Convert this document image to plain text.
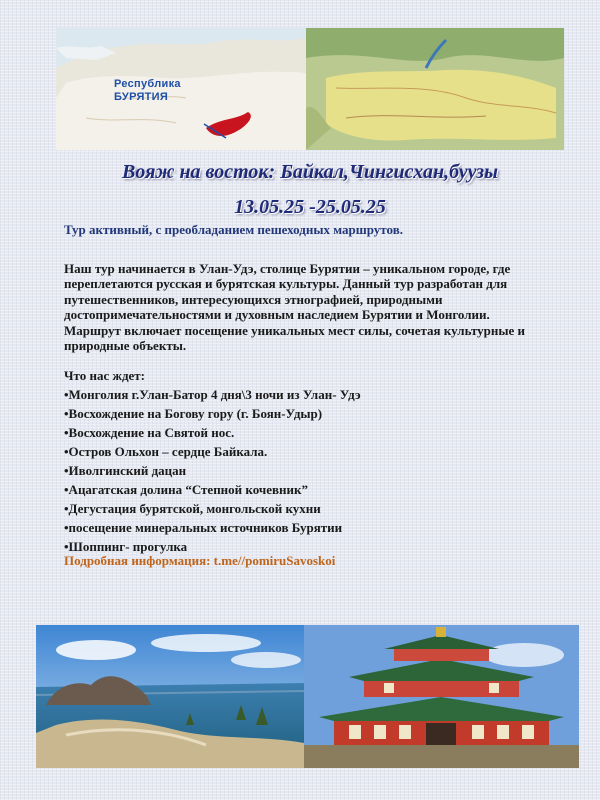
Республика
БУРЯТИЯ
Вояж на восток: Байкал,Чингисхан,буузы
13.05.25 -25.05.25
Тур активный, с преобладанием пешеходных маршрутов.

Наш тур начинается в Улан-Удэ, столице Бурятии – уникальном городе, где переплетаются русская и бурятская культуры. Данный тур разработан для путешественников, интересующихся этнографией, природными достопримечательностями и духовным наследием Бурятии и Монголии. Маршрут включает посещение уникальных мест силы, сочетая культурные и природные объекты.

Что нас ждет:
•Монголия г.Улан-Батор 4 дня\3 ночи из Улан- Удэ
•Восхождение на Богову гору (г. Боян-Удыр)
•Восхождение на Святой нос.
•Остров Ольхон – сердце Байкала.
•Иволгинский дацан
•Ацагатская долина “Степной кочевник”
•Дегустация бурятской, монгольской кухни
•посещение минеральных источников Бурятии
•Шоппинг- прогулка
Подробная информация: t.me//pomiruSavoskoi
